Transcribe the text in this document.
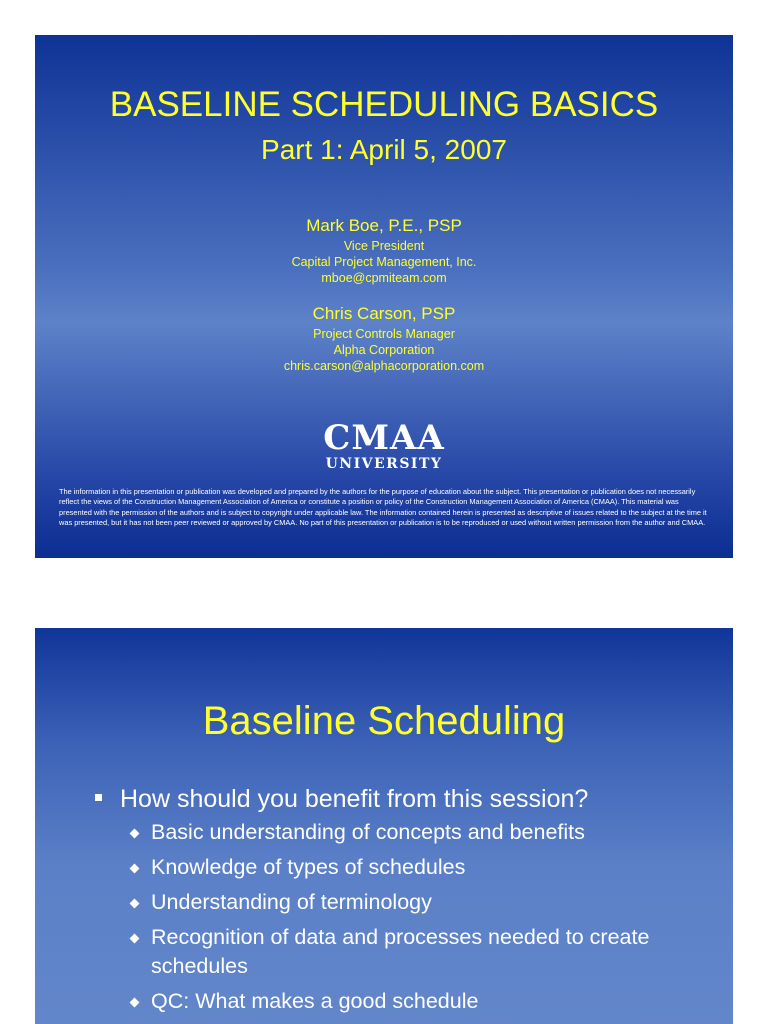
BASELINE SCHEDULING BASICS
Part 1: April 5, 2007
Mark Boe, P.E., PSP
Vice President
Capital Project Management, Inc.
mboe@cpmiteam.com
Chris Carson, PSP
Project Controls Manager
Alpha Corporation
chris.carson@alphacorporation.com
CMAA
UNIVERSITY
The information in this presentation or publication was developed and prepared by the authors for the purpose of education about the subject. This presentation or publication does not necessarily reflect the views of the Construction Management Association of America or constitute a position or policy of the Construction Management Association of America (CMAA). This material was presented with the permission of the authors and is subject to copyright under applicable law. The information contained herein is presented as descriptive of issues related to the subject at the time it was presented, but it has not been peer reviewed or approved by CMAA. No part of this presentation or publication is to be reproduced or used without written permission from the author and CMAA.
Baseline Scheduling
How should you benefit from this session?
Basic understanding of concepts and benefits
Knowledge of types of schedules
Understanding of terminology
Recognition of data and processes needed to create schedules
QC: What makes a good schedule
